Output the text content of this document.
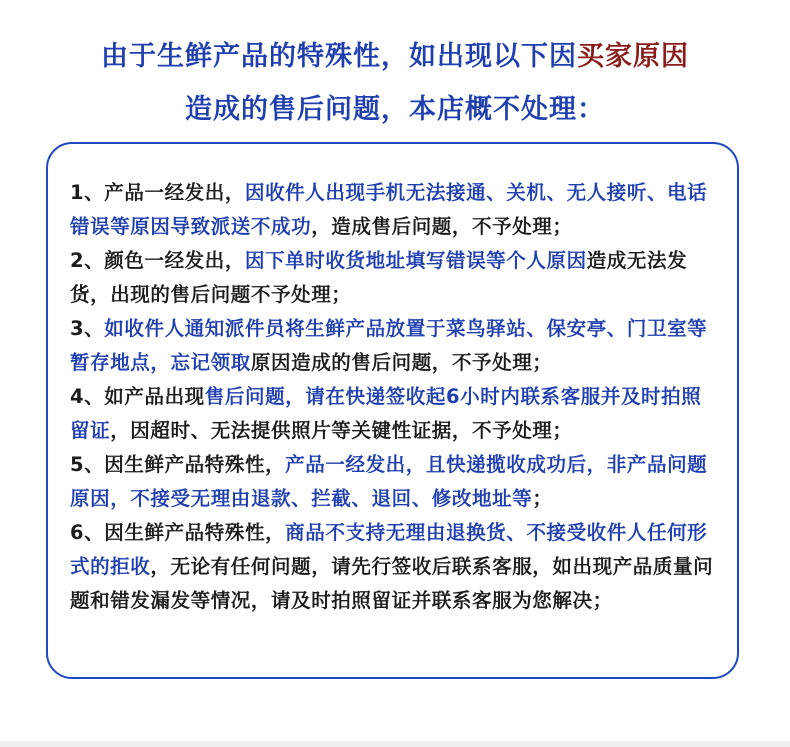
由于生鲜产品的特殊性，如出现以下因买家原因
造成的售后问题，本店概不处理：

1、产品一经发出，因收件人出现手机无法接通、关机、无人接听、电话错误等原因导致派送不成功，造成售后问题，不予处理；

2、颜色一经发出，因下单时收货地址填写错误等个人原因造成无法发货，出现的售后问题不予处理；

3、如收件人通知派件员将生鲜产品放置于菜鸟驿站、保安亭、门卫室等暂存地点，忘记领取原因造成的售后问题，不予处理；

4、如产品出现售后问题，请在快递签收起6小时内联系客服并及时拍照留证，因超时、无法提供照片等关键性证据，不予处理；

5、因生鲜产品特殊性，产品一经发出，且快递揽收成功后，非产品问题原因，不接受无理由退款、拦截、退回、修改地址等；

6、因生鲜产品特殊性，商品不支持无理由退换货、不接受收件人任何形式的拒收，无论有任何问题，请先行签收后联系客服，如出现产品质量问题和错发漏发等情况，请及时拍照留证并联系客服为您解决；
